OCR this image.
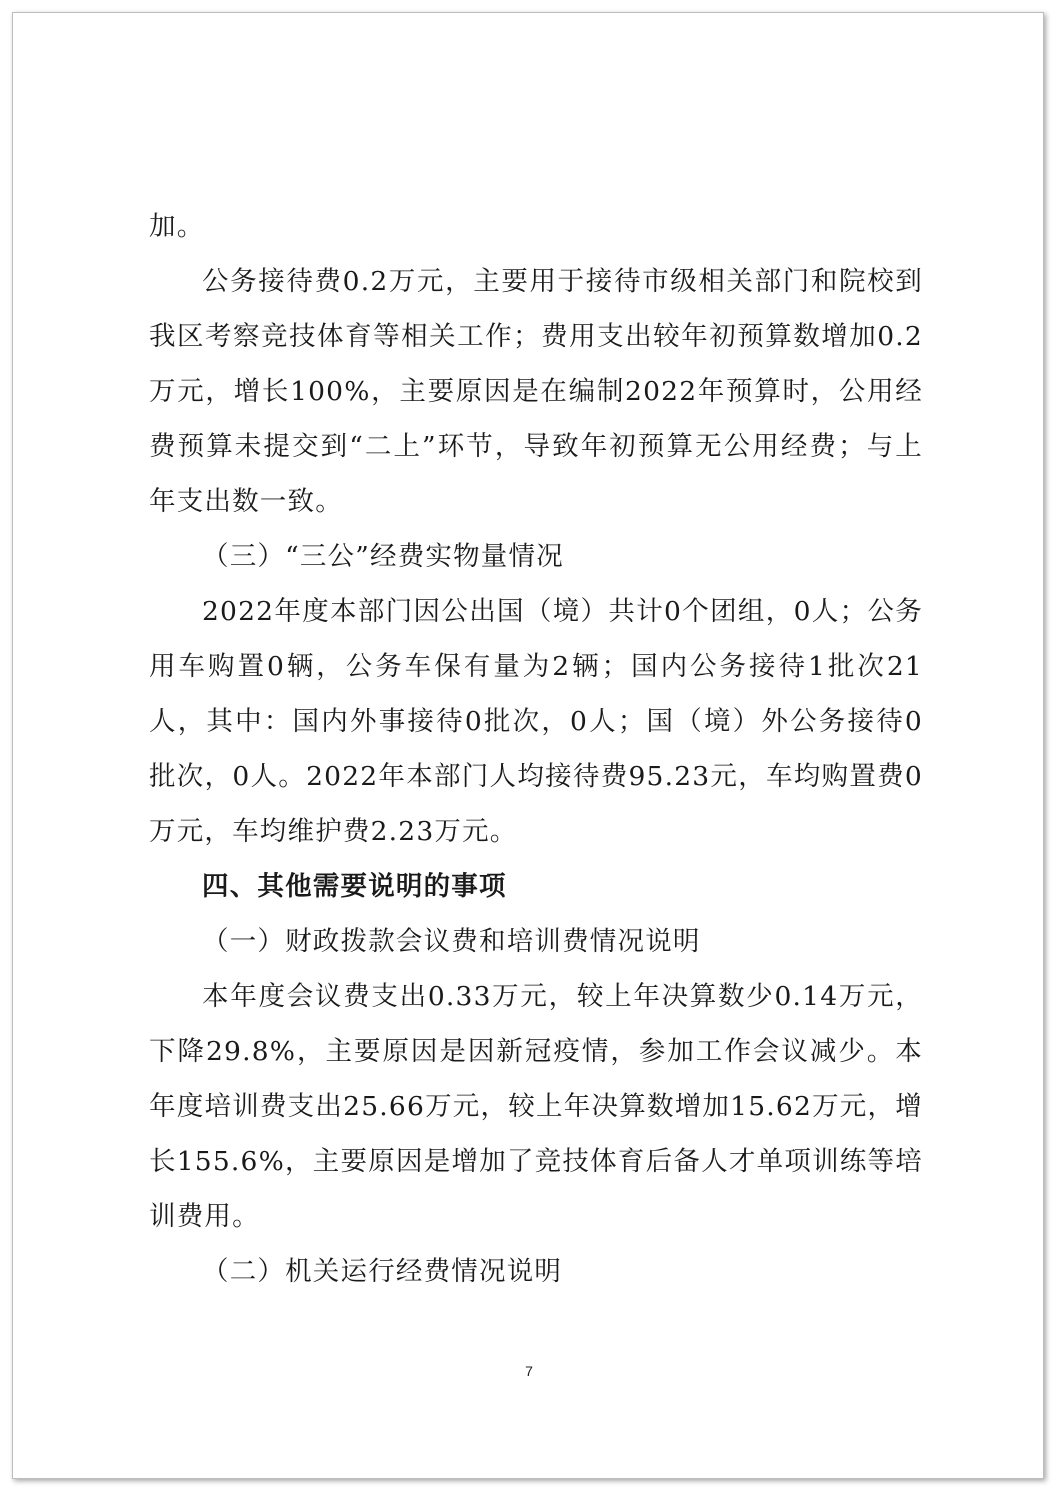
加。

公务接待费0.2万元，主要用于接待市级相关部门和院校到我区考察竞技体育等相关工作；费用支出较年初预算数增加0.2万元，增长100%，主要原因是在编制2022年预算时，公用经费预算未提交到“二上”环节，导致年初预算无公用经费；与上年支出数一致。

（三）“三公”经费实物量情况

2022年度本部门因公出国（境）共计0个团组，0人；公务用车购置0辆，公务车保有量为2辆；国内公务接待1批次21人，其中：国内外事接待0批次，0人；国（境）外公务接待0批次，0人。2022年本部门人均接待费95.23元，车均购置费0万元，车均维护费2.23万元。

四、其他需要说明的事项

（一）财政拨款会议费和培训费情况说明

本年度会议费支出0.33万元，较上年决算数少0.14万元，下降29.8%，主要原因是因新冠疫情，参加工作会议减少。本年度培训费支出25.66万元，较上年决算数增加15.62万元，增长155.6%，主要原因是增加了竞技体育后备人才单项训练等培训费用。

（二）机关运行经费情况说明

7
